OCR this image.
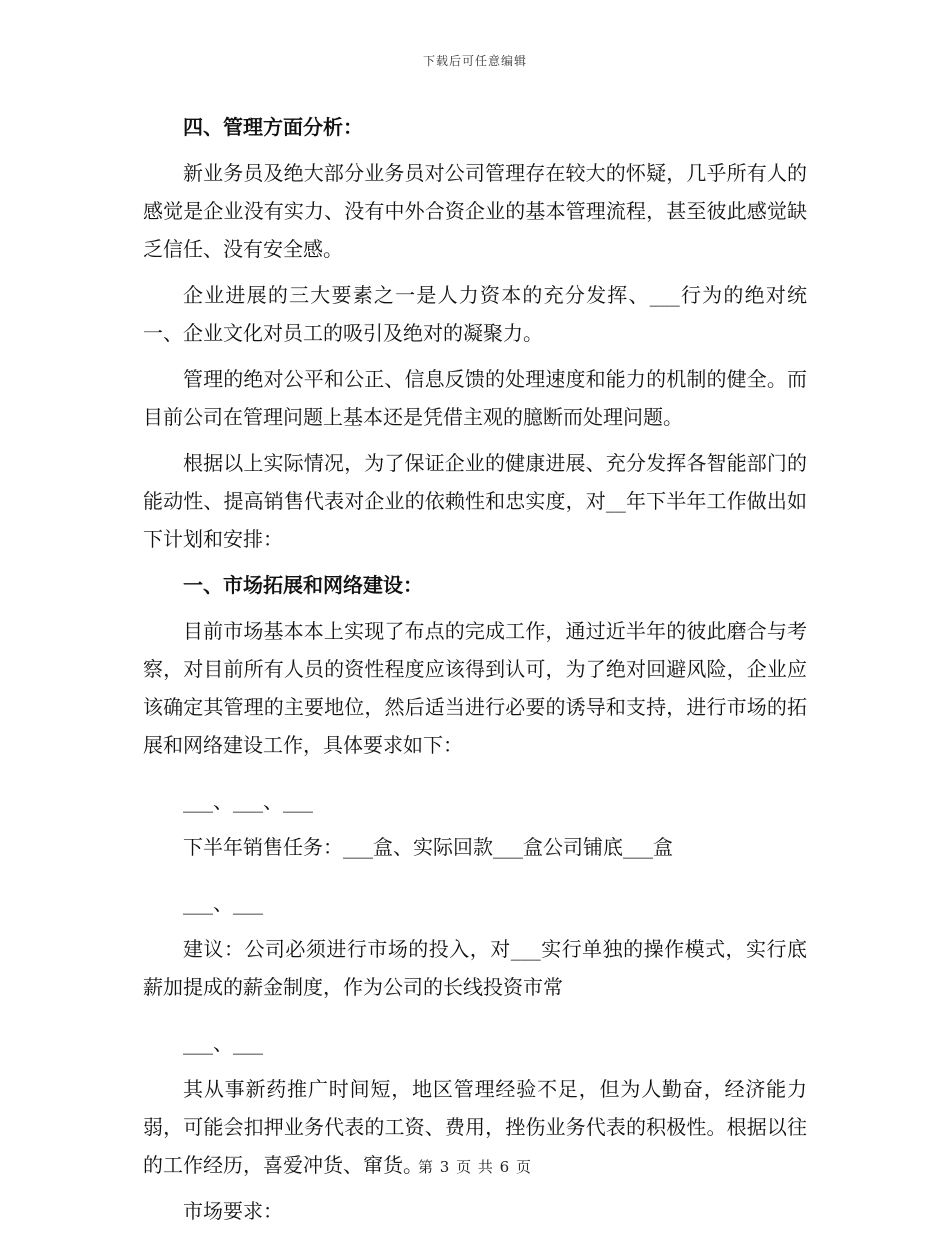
下载后可任意编辑

四、管理方面分析：

新业务员及绝大部分业务员对公司管理存在较大的怀疑，几乎所有人的感觉是企业没有实力、没有中外合资企业的基本管理流程，甚至彼此感觉缺乏信任、没有安全感。

企业进展的三大要素之一是人力资本的充分发挥、___行为的绝对统一、企业文化对员工的吸引及绝对的凝聚力。

管理的绝对公平和公正、信息反馈的处理速度和能力的机制的健全。而目前公司在管理问题上基本还是凭借主观的臆断而处理问题。

根据以上实际情况，为了保证企业的健康进展、充分发挥各智能部门的能动性、提高销售代表对企业的依赖性和忠实度，对__年下半年工作做出如下计划和安排：

一、市场拓展和网络建设：

目前市场基本本上实现了布点的完成工作，通过近半年的彼此磨合与考察，对目前所有人员的资性程度应该得到认可，为了绝对回避风险，企业应该确定其管理的主要地位，然后适当进行必要的诱导和支持，进行市场的拓展和网络建设工作，具体要求如下：

___、___、___

下半年销售任务：___盒、实际回款___盒公司铺底___盒

___、___

建议：公司必须进行市场的投入，对___实行单独的操作模式，实行底薪加提成的薪金制度，作为公司的长线投资市常

___、___

其从事新药推广时间短，地区管理经验不足，但为人勤奋，经济能力弱，可能会扣押业务代表的工资、费用，挫伤业务代表的积极性。根据以往的工作经历，喜爱冲货、窜货。

市场要求：

第 3 页 共 6 页
